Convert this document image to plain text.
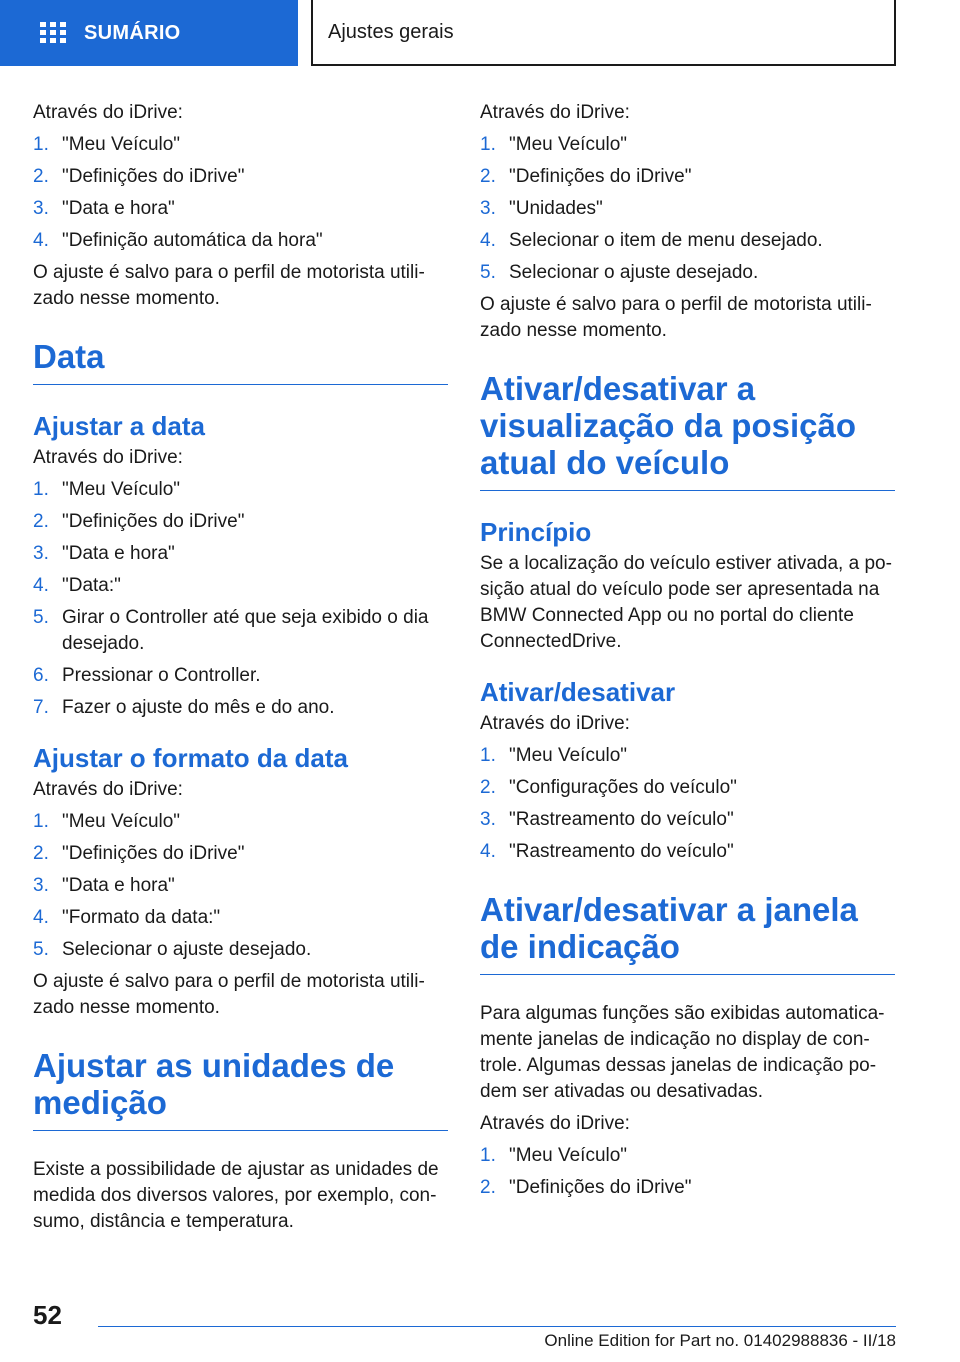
SUMÁRIO	Ajustes gerais

Através do iDrive:

1. "Meu Veículo"
2. "Definições do iDrive"
3. "Data e hora"
4. "Definição automática da hora"

O ajuste é salvo para o perfil de motorista utili-zado nesse momento.

Data
Ajustar a data

Através do iDrive:

1. "Meu Veículo"
2. "Definições do iDrive"
3. "Data e hora"
4. "Data:"
5. Girar o Controller até que seja exibido o dia desejado.
6. Pressionar o Controller.
7. Fazer o ajuste do mês e do ano.
Ajustar o formato da data

Através do iDrive:

1. "Meu Veículo"
2. "Definições do iDrive"
3. "Data e hora"
4. "Formato da data:"
5. Selecionar o ajuste desejado.

O ajuste é salvo para o perfil de motorista utili-zado nesse momento.

Ajustar as unidades de medição

Existe a possibilidade de ajustar as unidades de medida dos diversos valores, por exemplo, con-sumo, distância e temperatura.

Através do iDrive:

1. "Meu Veículo"
2. "Definições do iDrive"
3. "Unidades"
4. Selecionar o item de menu desejado.
5. Selecionar o ajuste desejado.

O ajuste é salvo para o perfil de motorista utili-zado nesse momento.

Ativar/desativar a visualização da posição atual do veículo
Princípio

Se a localização do veículo estiver ativada, a po-sição atual do veículo pode ser apresentada na BMW Connected App ou no portal do cliente ConnectedDrive.

Ativar/desativar

Através do iDrive:

1. "Meu Veículo"
2. "Configurações do veículo"
3. "Rastreamento do veículo"
4. "Rastreamento do veículo"
Ativar/desativar a janela de indicação

Para algumas funções são exibidas automatica-mente janelas de indicação no display de con-trole. Algumas dessas janelas de indicação po-dem ser ativadas ou desativadas.

Através do iDrive:

1. "Meu Veículo"
2. "Definições do iDrive"
52
Online Edition for Part no. 01402988836 - II/18
